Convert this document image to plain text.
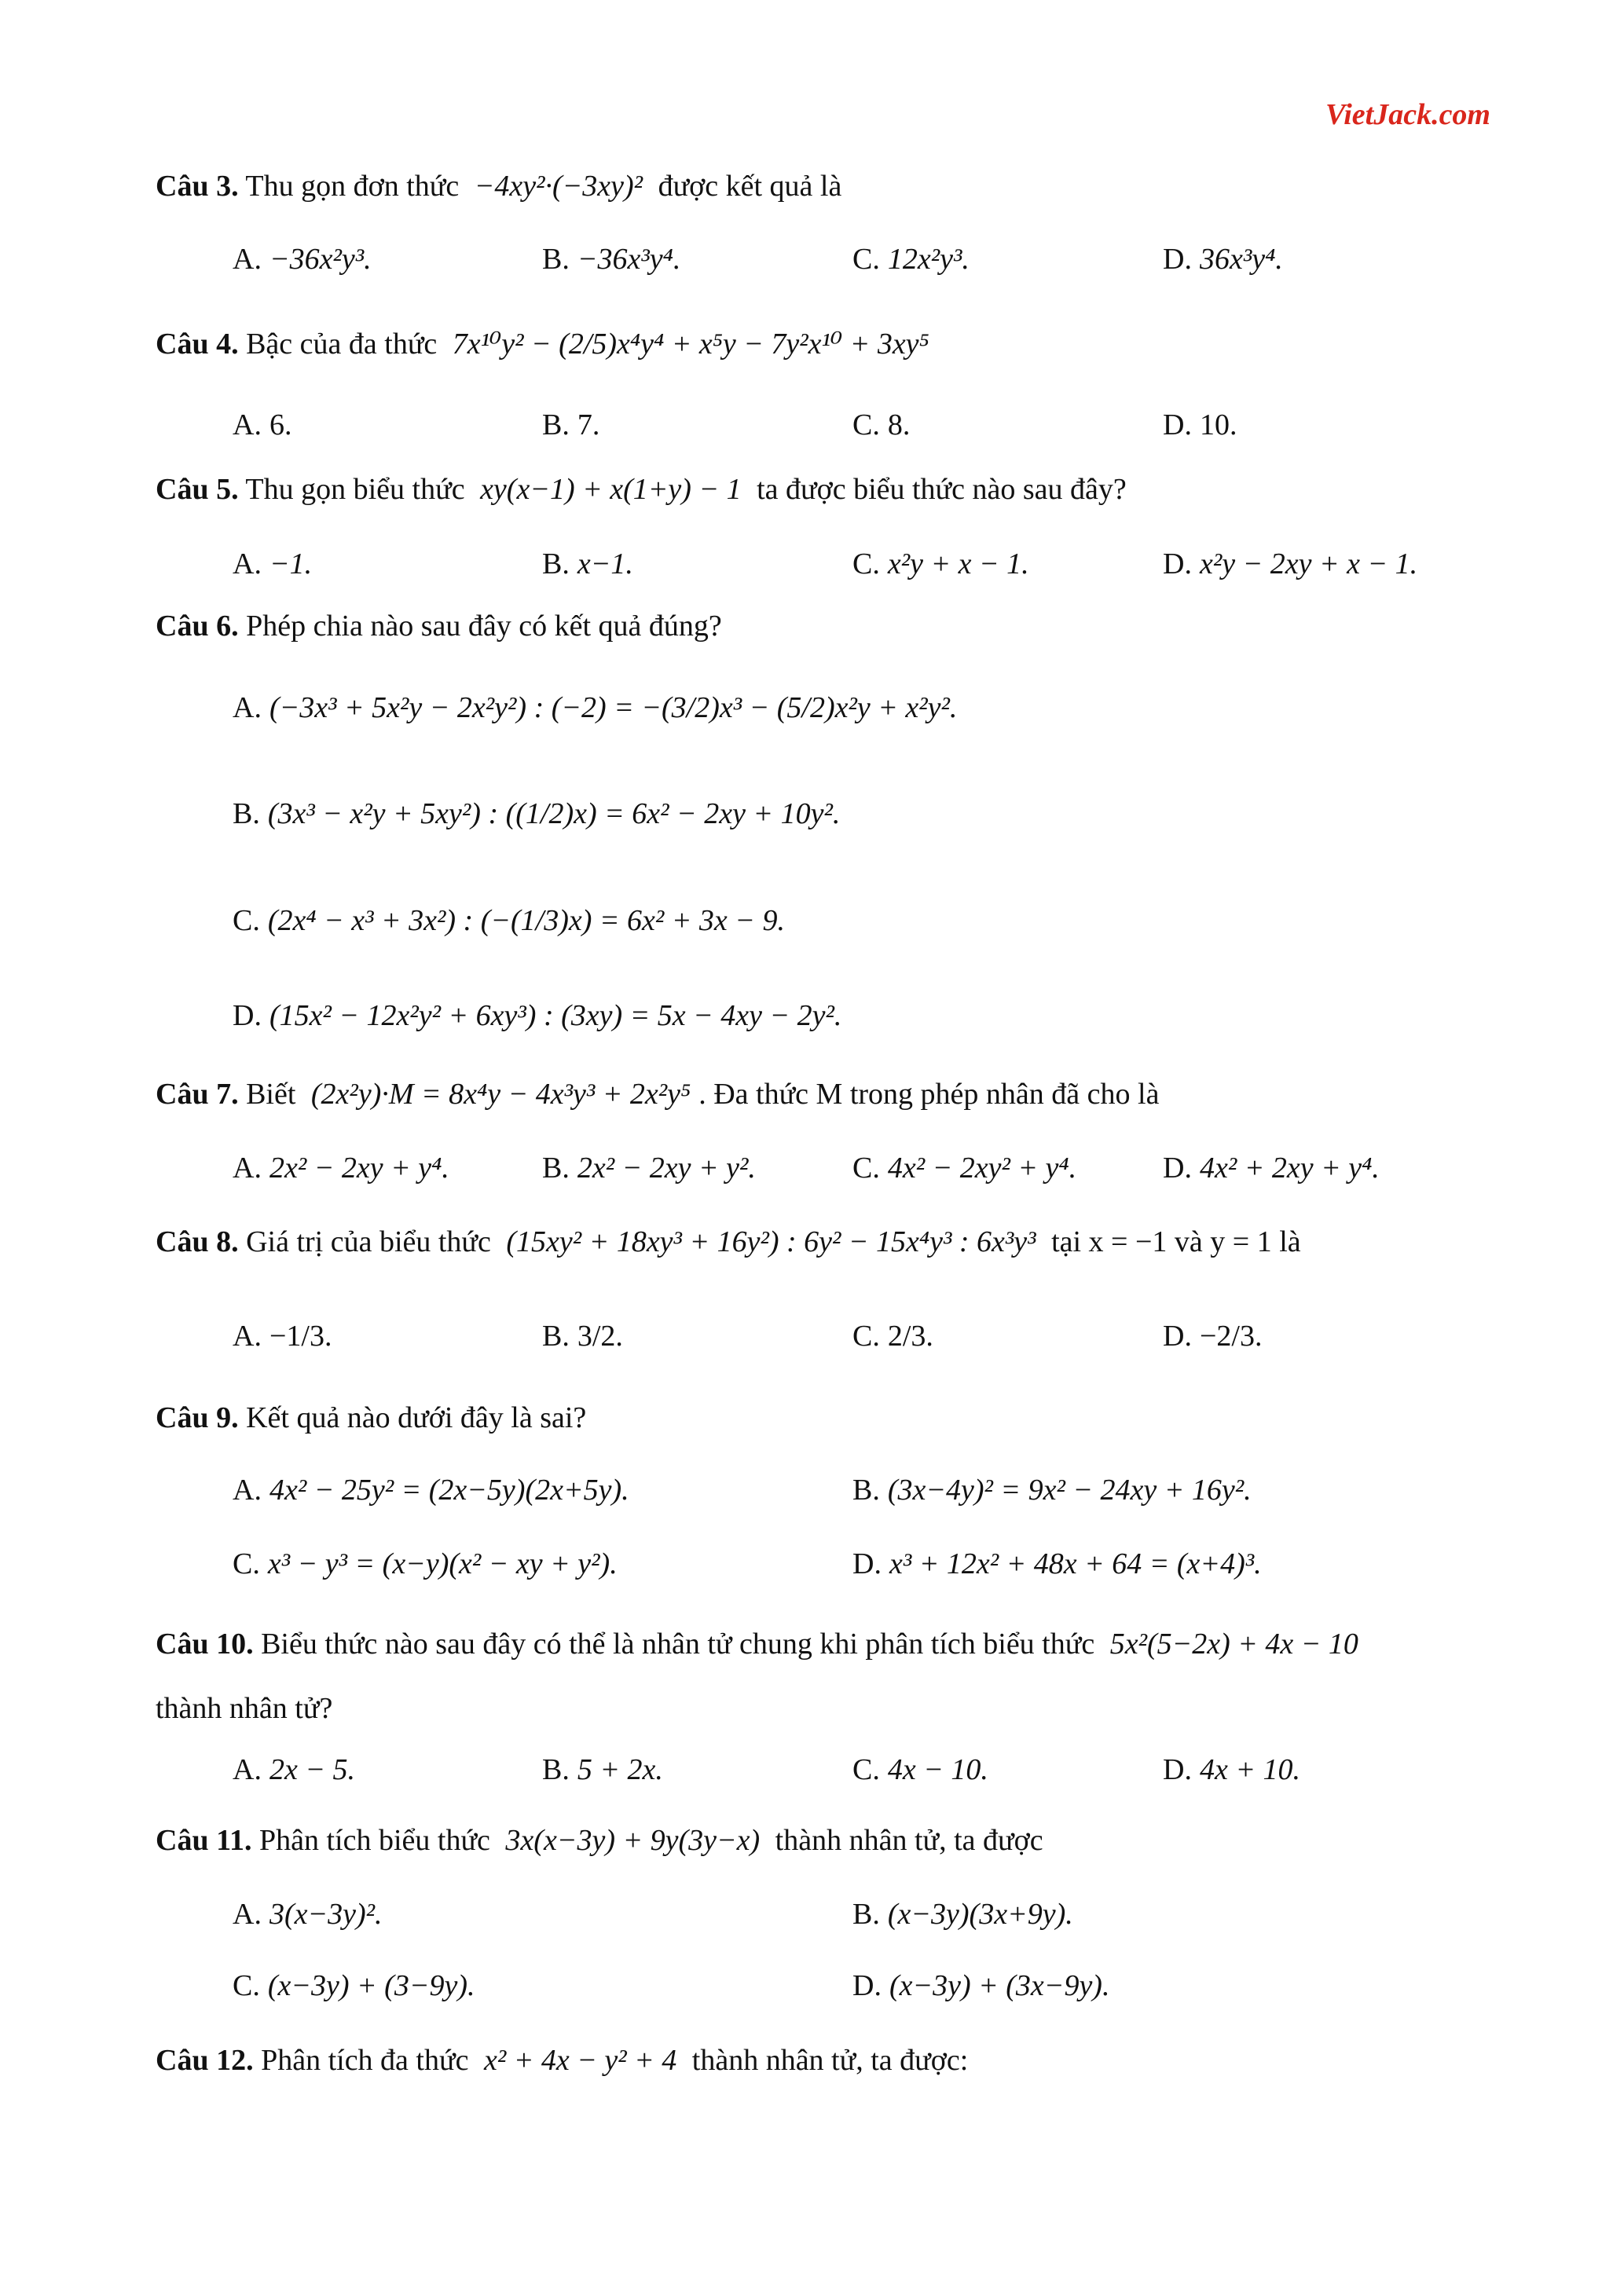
VietJack.com
Câu 3. Thu gọn đơn thức −4xy²·(−3xy)² được kết quả là
A. −36x²y³.	B. −36x³y⁴.	C. 12x²y³.	D. 36x³y⁴.
Câu 4. Bậc của đa thức 7x¹⁰y² − (2/5)x⁴y⁴ + x⁵y − 7y²x¹⁰ + 3xy⁵
A. 6.	B. 7.	C. 8.	D. 10.
Câu 5. Thu gọn biểu thức xy(x−1) + x(1+y) − 1 ta được biểu thức nào sau đây?
A. −1.	B. x−1.	C. x²y + x − 1.	D. x²y − 2xy + x − 1.
Câu 6. Phép chia nào sau đây có kết quả đúng?
A. (−3x³ + 5x²y − 2x²y²) : (−2) = −(3/2)x³ − (5/2)x²y + x²y².
B. (3x³ − x²y + 5xy²) : ((1/2)x) = 6x² − 2xy + 10y².
C. (2x⁴ − x³ + 3x²) : (−(1/3)x) = 6x² + 3x − 9.
D. (15x² − 12x²y² + 6xy³) : (3xy) = 5x − 4xy − 2y².
Câu 7. Biết (2x²y)·M = 8x⁴y − 4x³y³ + 2x²y⁵ . Đa thức M trong phép nhân đã cho là
A. 2x² − 2xy + y⁴.	B. 2x² − 2xy + y².	C. 4x² − 2xy² + y⁴.	D. 4x² + 2xy + y⁴.
Câu 8. Giá trị của biểu thức (15xy² + 18xy³ + 16y²) : 6y² − 15x⁴y³ : 6x³y³ tại x = −1 và y = 1 là
A. −1/3.	B. 3/2.	C. 2/3.	D. −2/3.
Câu 9. Kết quả nào dưới đây là sai?
A. 4x² − 25y² = (2x−5y)(2x+5y).	B. (3x−4y)² = 9x² − 24xy + 16y².
C. x³ − y³ = (x−y)(x² − xy + y²).	D. x³ + 12x² + 48x + 64 = (x+4)³.
Câu 10. Biểu thức nào sau đây có thể là nhân tử chung khi phân tích biểu thức 5x²(5−2x) + 4x − 10
thành nhân tử?
A. 2x − 5.	B. 5 + 2x.	C. 4x − 10.	D. 4x + 10.
Câu 11. Phân tích biểu thức 3x(x−3y) + 9y(3y−x) thành nhân tử, ta được
A. 3(x−3y)².	B. (x−3y)(3x+9y).
C. (x−3y) + (3−9y).	D. (x−3y) + (3x−9y).
Câu 12. Phân tích đa thức x² + 4x − y² + 4 thành nhân tử, ta được:
